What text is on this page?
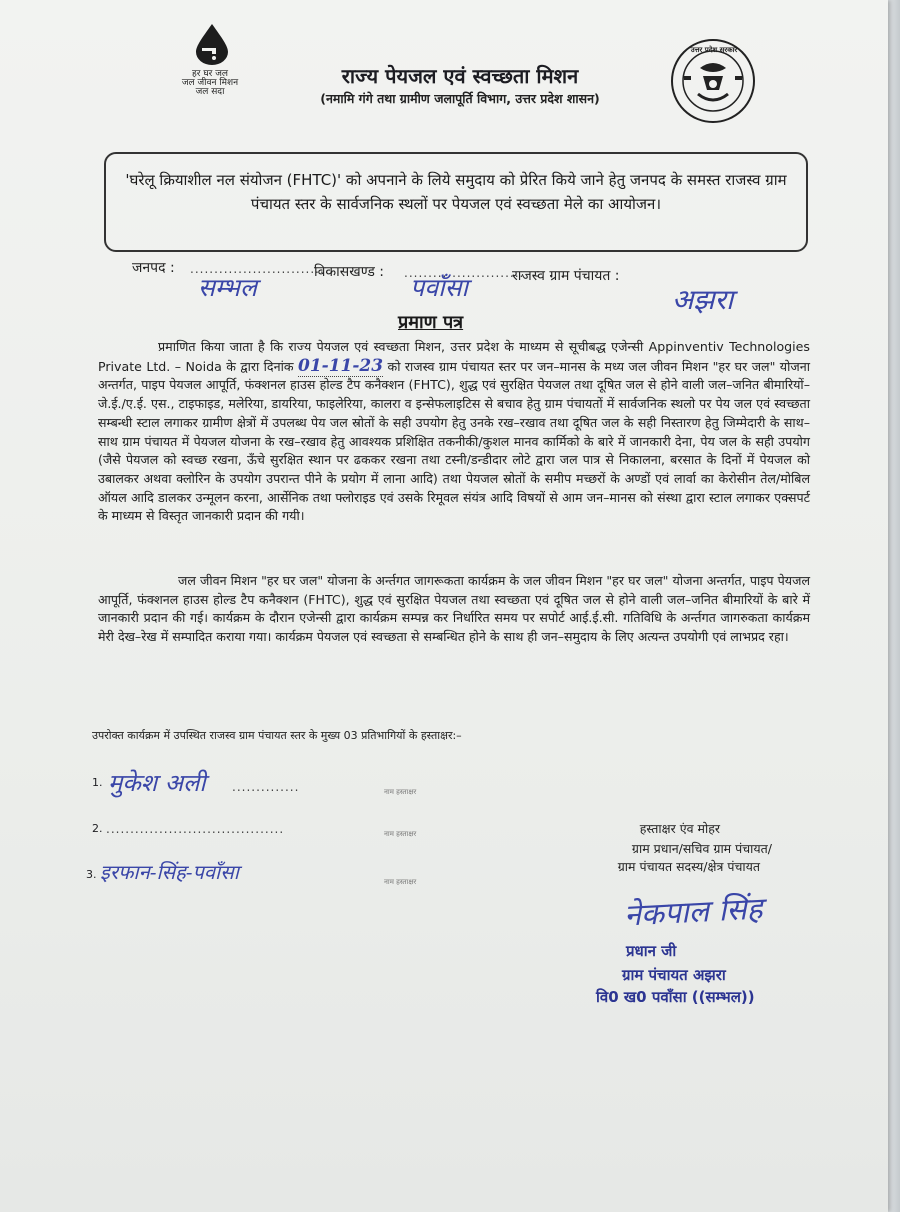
हर घर जल
जल जीवन मिशन
जल सदा
राज्य पेयजल एवं स्वच्छता मिशन
(नमामि गंगे तथा ग्रामीण जलापूर्ति विभाग, उत्तर प्रदेश शासन)
उत्तर प्रदेश सरकार

'घरेलू क्रियाशील नल संयोजन (FHTC)' को अपनाने के लिये समुदाय को प्रेरित किये जाने हेतु जनपद के समस्त राजस्व ग्राम पंचायत स्तर के सार्वजनिक स्थलों पर पेयजल एवं स्वच्छता मेले का आयोजन।

जनपद : ..............................
सम्भल
विकासखण्ड : .........................
पवाँसा	राजस्व ग्राम पंचायत :
अझरा
प्रमाण पत्र
प्रमाणित किया जाता है कि राज्य पेयजल एवं स्वच्छता मिशन, उत्तर प्रदेश के माध्यम से सूचीबद्ध एजेन्सी Appinventiv Technologies Private Ltd. – Noida के द्वारा दिनांक 01-11-23 को राजस्व ग्राम पंचायत स्तर पर जन–मानस के मध्य जल जीवन मिशन "हर घर जल" योजना अन्तर्गत, पाइप पेयजल आपूर्ति, फंक्शनल हाउस होल्ड टैप कनैक्शन (FHTC), शुद्ध एवं सुरक्षित पेयजल तथा दूषित जल से होने वाली जल–जनित बीमारियों–जे.ई./ए.ई. एस., टाइफाइड, मलेरिया, डायरिया, फाइलेरिया, कालरा व इन्सेफलाइटिस से बचाव हेतु ग्राम पंचायतों में सार्वजनिक स्थलो पर पेय जल एवं स्वच्छता सम्बन्धी स्टाल लगाकर ग्रामीण क्षेत्रों में उपलब्ध पेय जल स्रोतों के सही उपयोग हेतु उनके रख–रखाव तथा दूषित जल के सही निस्तारण हेतु जिम्मेदारी के साथ–साथ ग्राम पंचायत में पेयजल योजना के रख–रखाव हेतु आवश्यक प्रशिक्षित तकनीकी/कुशल मानव कार्मिको के बारे में जानकारी देना, पेय जल के सही उपयोग (जैसे पेयजल को स्वच्छ रखना, ऊँचे सुरक्षित स्थान पर ढककर रखना तथा टस्नी/डन्डीदार लोटे द्वारा जल पात्र से निकालना, बरसात के दिनों में पेयजल को उबालकर अथवा क्लोरिन के उपयोग उपरान्त पीने के प्रयोग में लाना आदि) तथा पेयजल स्रोतों के समीप मच्छरों के अण्डों एवं लार्वा का केरोसीन तेल/मोबिल ऑयल आदि डालकर उन्मूलन करना, आर्सेनिक तथा फ्लोराइड एवं उसके रिमूवल संयंत्र आदि विषयों से आम जन–मानस को संस्था द्वारा स्टाल लगाकर एक्सपर्ट के माध्यम से विस्तृत जानकारी प्रदान की गयी।
जल जीवन मिशन "हर घर जल" योजना के अर्न्तगत जागरूकता कार्यक्रम के जल जीवन मिशन "हर घर जल" योजना अन्तर्गत, पाइप पेयजल आपूर्ति, फंक्शनल हाउस होल्ड टैप कनैक्शन (FHTC), शुद्ध एवं सुरक्षित पेयजल तथा स्वच्छता एवं दूषित जल से होने वाली जल–जनित बीमारियों के बारे में जानकारी प्रदान की गई। कार्यक्रम के दौरान एजेन्सी द्वारा कार्यक्रम सम्पन्न कर निर्धारित समय पर सपोर्ट आई.ई.सी. गतिविधि के अर्न्तगत जागरुकता कार्यक्रम मेरी देख–रेख में सम्पादित कराया गया। कार्यक्रम पेयजल एवं स्वच्छता से सम्बन्धित होने के साथ ही जन–समुदाय के लिए अत्यन्त उपयोगी एवं लाभप्रद रहा।
उपरोक्त कार्यक्रम में उपस्थित राजस्व ग्राम पंचायत स्तर के मुख्य 03 प्रतिभागियों के हस्ताक्षर:–
1. मुकेश अली ..............	नाम हस्ताक्षर
2. .....................................	नाम हस्ताक्षर
3. इरफान-सिंह-पवाँसा	नाम हस्ताक्षर
हस्ताक्षर एंव मोहर
ग्राम प्रधान/सचिव ग्राम पंचायत/
ग्राम पंचायत सदस्य/क्षेत्र पंचायत
नेकपाल सिंह
प्रधान जी
ग्राम पंचायत अझरा
वि0 ख0 पवाँसा ((सम्भल))
